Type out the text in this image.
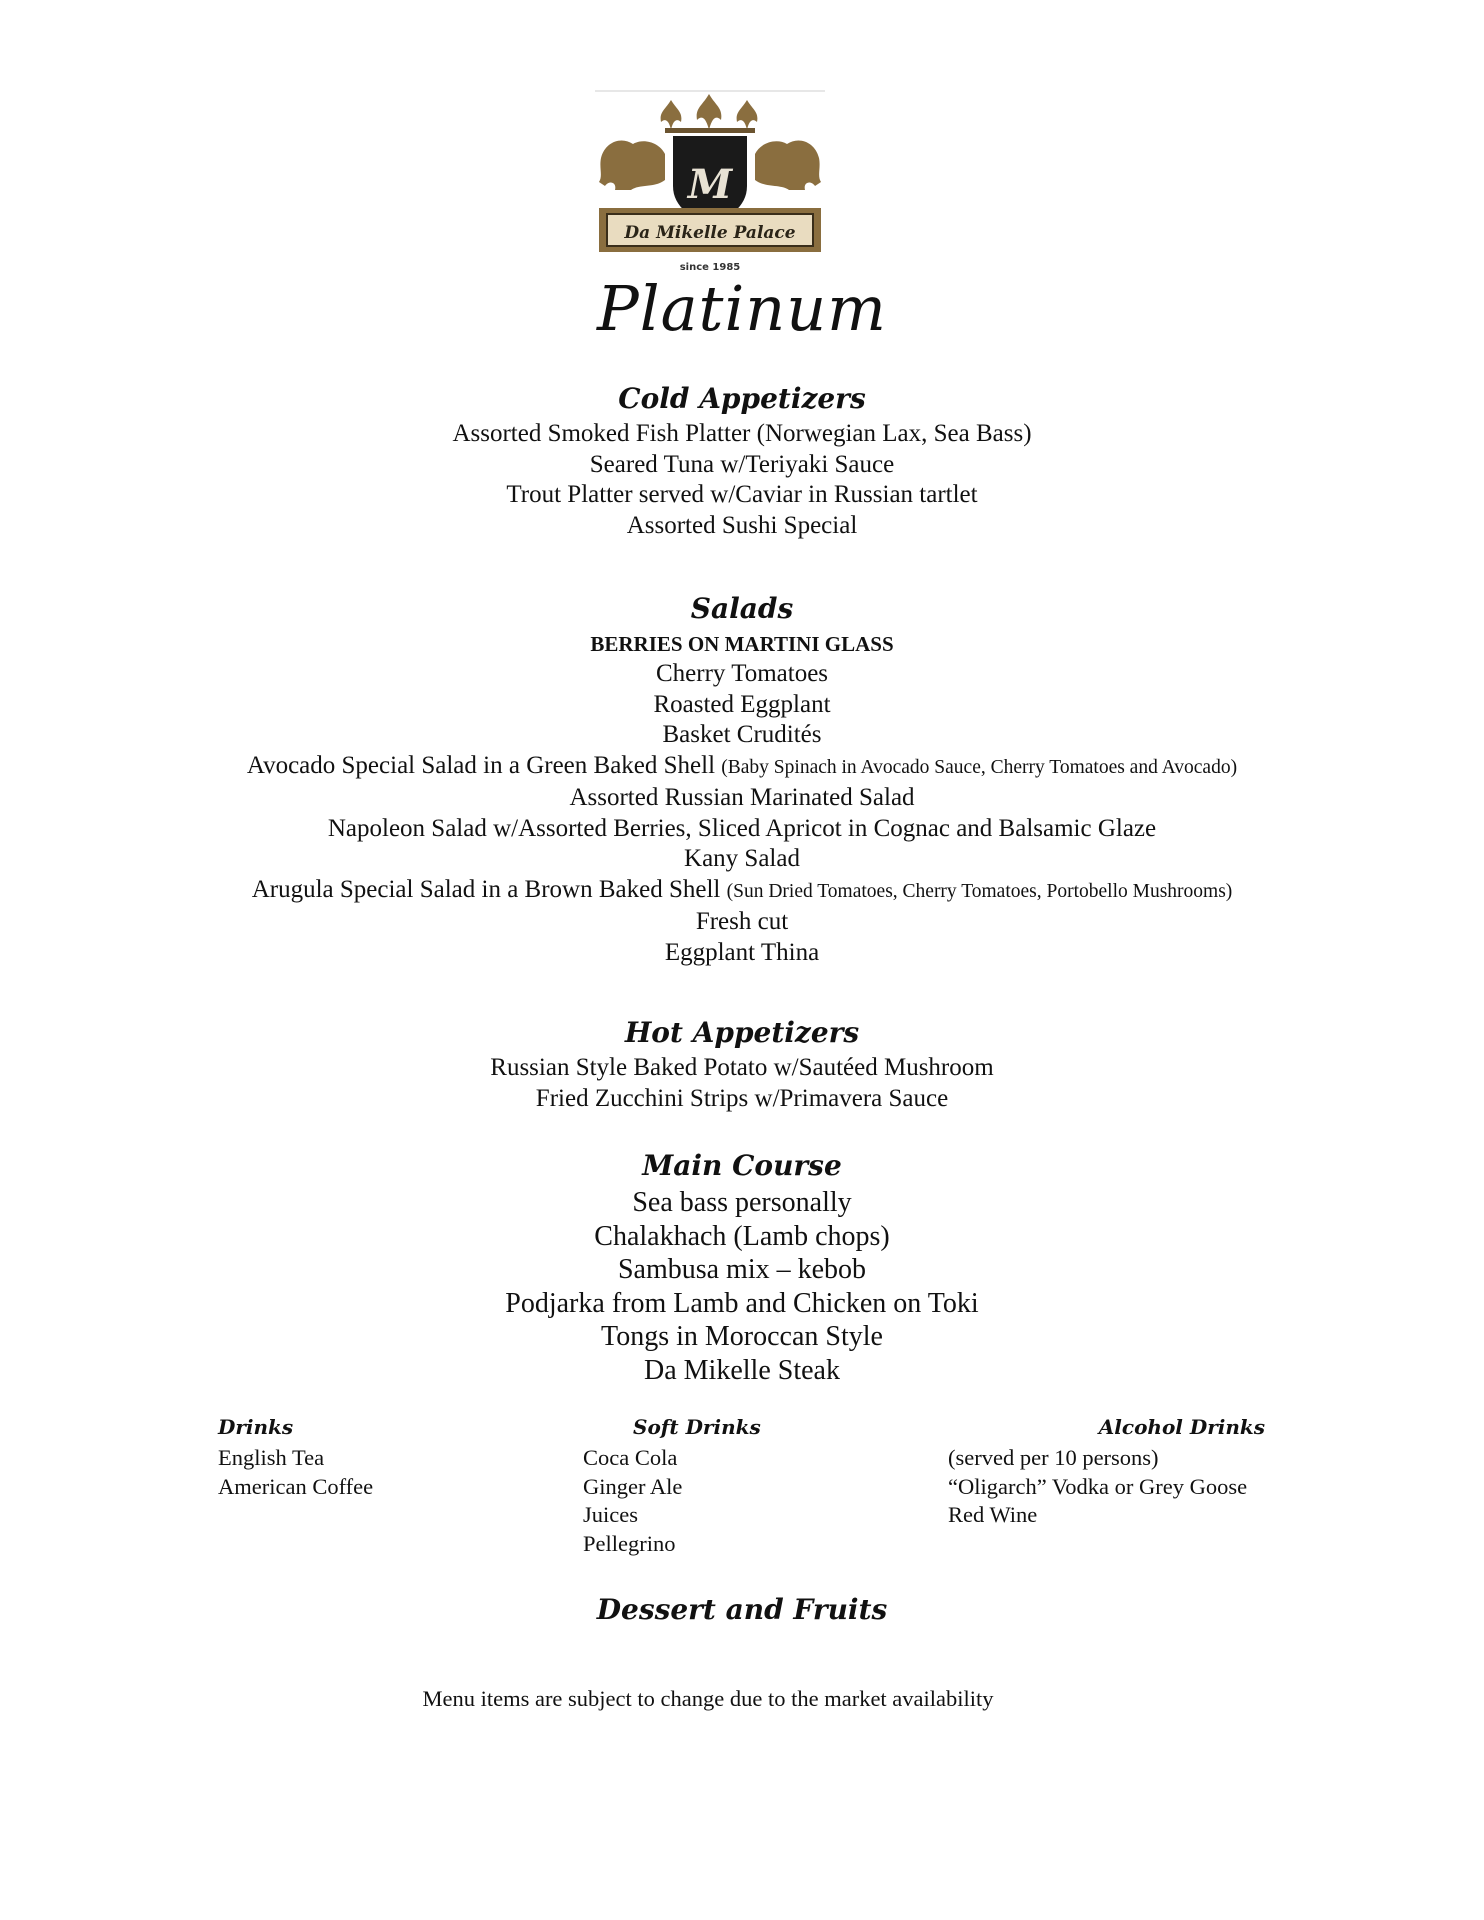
M
Da Mikelle Palace
since 1985
Platinum
Cold Appetizers
Assorted Smoked Fish Platter (Norwegian Lax, Sea Bass)
Seared Tuna w/Teriyaki Sauce
Trout Platter served w/Caviar in Russian tartlet
Assorted Sushi Special
Salads
BERRIES ON MARTINI GLASS
Cherry Tomatoes
Roasted Eggplant
Basket Crudités
Avocado Special Salad in a Green Baked Shell (Baby Spinach in Avocado Sauce, Cherry Tomatoes and Avocado)
Assorted Russian Marinated Salad
Napoleon Salad w/Assorted Berries, Sliced Apricot in Cognac and Balsamic Glaze
Kany Salad
Arugula Special Salad in a Brown Baked Shell (Sun Dried Tomatoes, Cherry Tomatoes, Portobello Mushrooms)
Fresh cut
Eggplant Thina
Hot Appetizers
Russian Style Baked Potato w/Sautéed Mushroom
Fried Zucchini Strips w/Primavera Sauce
Main Course
Sea bass personally
Chalakhach (Lamb chops)
Sambusa mix – kebob
Podjarka from Lamb and Chicken on Toki
Tongs in Moroccan Style
Da Mikelle Steak
Drinks
English Tea
American Coffee
Soft Drinks
Coca Cola
Ginger Ale
Juices
Pellegrino
Alcohol Drinks
(served per 10 persons)
“Oligarch” Vodka or Grey Goose
Red Wine
Dessert and Fruits
Menu items are subject to change due to the market availability
